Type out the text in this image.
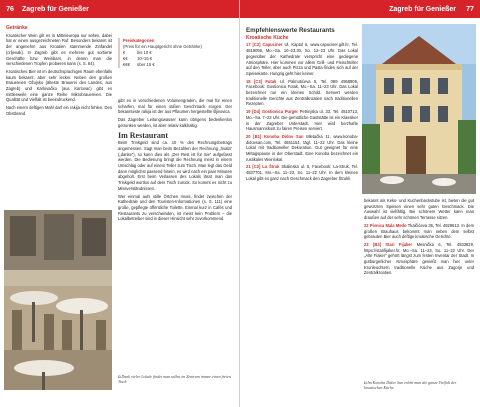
76	Zagreb für Genießer
Getränke

Kroatischer Wein gilt es in Mitteleuropa nur selten, dabei hat er einen ausgezeichneten Ruf. Besonders bekannt ist der angenehm aus Kroatien stammende Zinfandel (crljenak). In Zagreb gibt es mehrere gut sortierte Geschäfte bzw. Weinbars, in denen man die verschiedenen Tropfen probieren kann (s. S. 84).

Kroatisches Bier ist im deutschsprachigen Raum ebenfalls kaum bekannt, aber sehr lecker. Neben den großen Brauereien Ožujsko (älteste Brauerei des Landes, aus Zagreb) und Karlovačko (aus Karlovac) gibt es mittlerweile eine ganze Reihe Mikrobrauereien. Die Qualität und Vielfalt ist beeindruckend.

Nach einem deftigen Mahl darf ein rakija nicht fehlen. Den Obstbrand

Preiskategorien
(Preis für ein Hauptgericht ohne Getränke)
€	bis 10 €
€€	10–15 €
€€€	über 15 €

gibt es in verschiedenen Volumengraden, die mal für einen scharfen, mal für einen süßen Geschmack sorgen. Der bekannteste rakija ist der aus Pflaumen hergestellte šljivovica.

Das Zagreber Leitungswasser kann übrigens bedenkenlos getrunken werden, ist aber relativ kalkhaltig.

Im Restaurant

Beim Trinkgeld sind ca. 10 % des Rechnungsbetrags angemessen. Sagt man beim Bezahlen der Rechnung „hvala“ („danke“), so kann dies als „Der Rest ist für Sie“ aufgefasst werden. Die Bedienung bringt die Rechnung meist in einem Umschlag oder auf einem Teller zum Tisch. Man legt das Geld dann möglichst passend hinein, es wird nach ein paar Minuten abgeholt. Erst beim Verlassen des Lokals lässt man das Trinkgeld wortlos auf dem Tisch zurück. So kommt es nicht zu Missverständnissen.

Wer einmal aufs stille Örtchen muss, findet zwischen der Kathedrale und den Touristen-Informationen (s. S. 111) eine große, gepflegte öffentliche Toilette. Einmal kurz in Cafés und Restaurants zu verschwinden, ist meist kein Problem – die Lokalbetreiber sind in dieser Hinsicht sehr zuvorkommend.

◘ Dank vieler Lokale findet man selbst im Zentrum immer einen freien Tisch
Zagreb für Genießer	77
Empfehlenswerte Restaurants
Kroatische Küche

17 [C2] Capuciner Ul. Kaptol 6, www.capuciner.gilt.hr, Tel. 4819059, Mo.–Sa. 10–23.30, So. 12–23 Uhr. Das Lokal gegenüber der Kathedrale verspricht eine gediegene Atmosphäre. Hier kommen vor allem Grill- und Fleischteller auf den Teller, aber auch Pizza und Pasta finden sich auf der Speisekarte. Hungrig geht hier keiner.

18 [C3] Fotak Ul. Palmotićeva 5, Tel. 099 4958909, Facebook: Gostionica Fotak, Mo.–Sa. 11–23 Uhr. Das Lokal bezeichnet nur ein kleines Schild. Serviert werden traditionelle Gerichte aus Zentralkroatien nach traditionellen Rezepten.

19 [D4] Gostionica Purger Petrinjska ul. 33, Tel. 4810713, Mo.–Sa. 7–23 Uhr. Die gemütliche Gaststätte ist ein Klassiker in der Zagreber Unterstadt. Hier wird herzhafte Hausmannskost zu fairen Preisen serviert.

20 [B1] Konoba Didov San Mletačka 11, www.konoba-didovsan.com, Tel. 4851154, tägl. 11–22 Uhr. Das kleine Lokal mit traditioneller Dekoration. Gut geeignet für eine Mittagspause in der Oberstadt. Eine Konoba bezeichnet ein rustikales Weinlokal.

21 [C2] La Štruk Skalinska ul. 5, Facebook: La-Struk, Tel. 4837701, Mo.–Sa. 11–23, So. 11–22 Uhr. In dem kleinen Lokal gibt es ganz nach Geschmack den Zagreber Štrukli.

bekannt als Keks- und Kuchenbackstube ist, bieten die gut gewürzten Speisen einen sehr guten Geschmack. Die Auswahl ist vielfältig. Bei schönem Wetter kann man draußen auf der sehr schönen Terrasse sitzen.

22 Pivnica Mala Medo Tkalčićeva 36, Tel. 4929613. In dem großen Brauhaus bekommt man neben dem selbst gebrauten Bier auch deftige kroatische Gerichte.

23 [B3] Stari Fijaker Mesnička 6, Tel. 4833829, https://starifijaker.hr, Mo.–Sa. 11–23, So. 11–22 Uhr. Der „Alte Fiaker“ gehört längst zum festen Inventar der Stadt. In gutbürgerlicher Atmosphäre genießt man hier unter Kronleuchtern traditionelle Küche aus Zagorje und Zentralkroatien.

◘ Im Konoba Didov San erlebt man die ganze Vielfalt der kroatischen Küche
